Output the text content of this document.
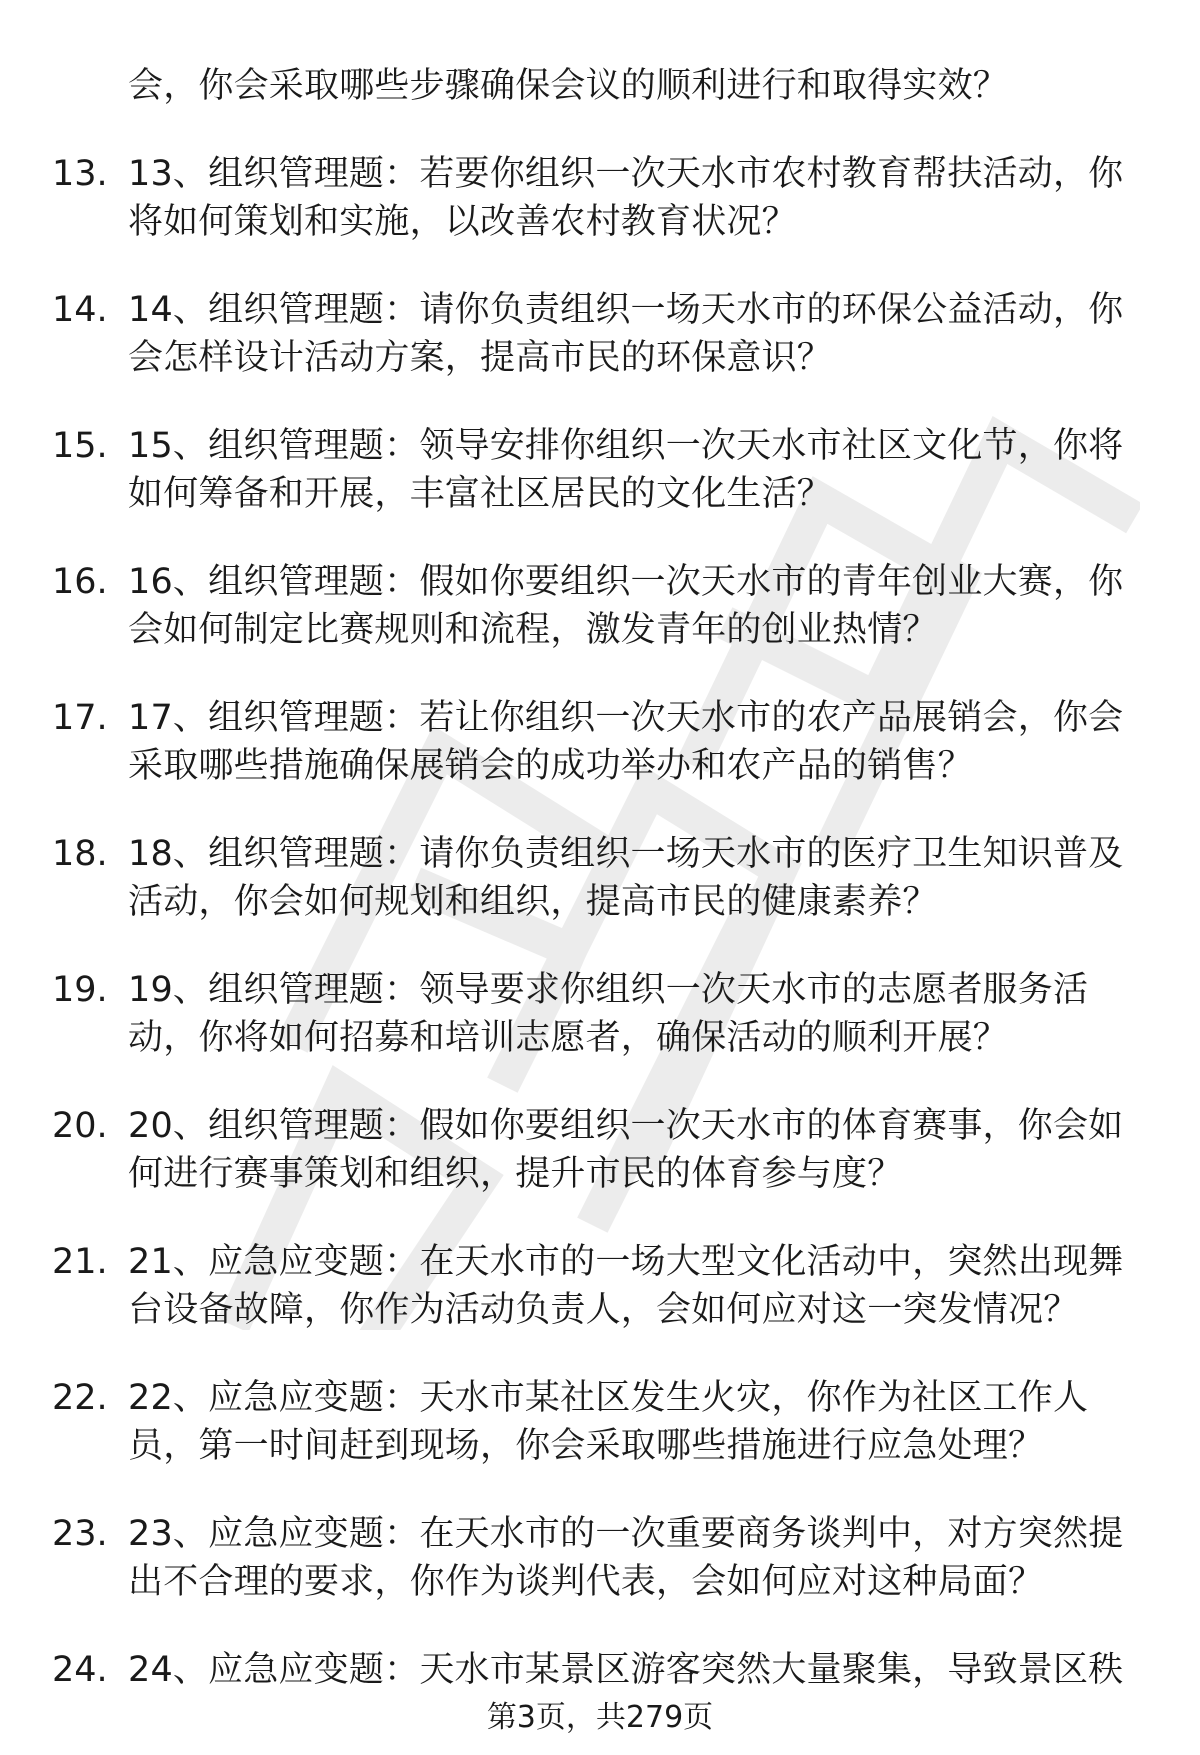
会，你会采取哪些步骤确保会议的顺利进行和取得实效？

13. 13、组织管理题：若要你组织一次天水市农村教育帮扶活动，你将如何策划和实施，以改善农村教育状况？

14. 14、组织管理题：请你负责组织一场天水市的环保公益活动，你会怎样设计活动方案，提高市民的环保意识？

15. 15、组织管理题：领导安排你组织一次天水市社区文化节，你将如何筹备和开展，丰富社区居民的文化生活？

16. 16、组织管理题：假如你要组织一次天水市的青年创业大赛，你会如何制定比赛规则和流程，激发青年的创业热情？

17. 17、组织管理题：若让你组织一次天水市的农产品展销会，你会采取哪些措施确保展销会的成功举办和农产品的销售？

18. 18、组织管理题：请你负责组织一场天水市的医疗卫生知识普及活动，你会如何规划和组织，提高市民的健康素养？

19. 19、组织管理题：领导要求你组织一次天水市的志愿者服务活动，你将如何招募和培训志愿者，确保活动的顺利开展？

20. 20、组织管理题：假如你要组织一次天水市的体育赛事，你会如何进行赛事策划和组织，提升市民的体育参与度？

21. 21、应急应变题：在天水市的一场大型文化活动中，突然出现舞台设备故障，你作为活动负责人，会如何应对这一突发情况？

22. 22、应急应变题：天水市某社区发生火灾，你作为社区工作人员，第一时间赶到现场，你会采取哪些措施进行应急处理？

23. 23、应急应变题：在天水市的一次重要商务谈判中，对方突然提出不合理的要求，你作为谈判代表，会如何应对这种局面？

24. 24、应急应变题：天水市某景区游客突然大量聚集，导致景区秩

第3页，共279页
